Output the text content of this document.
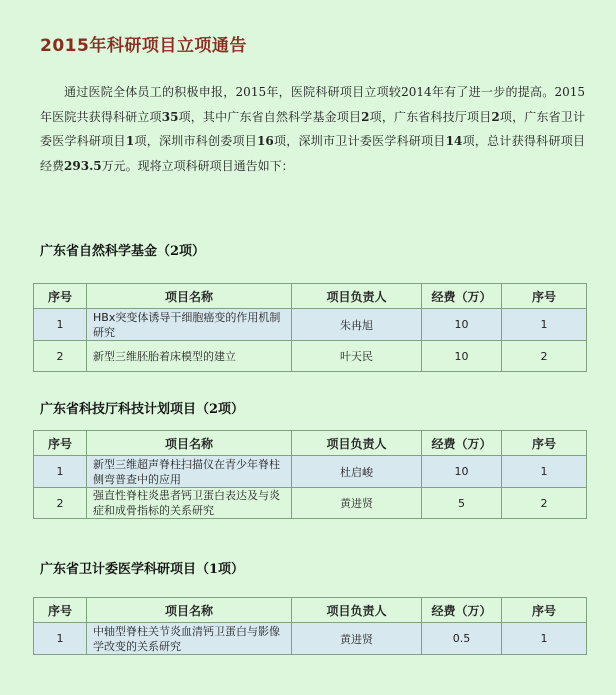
2015年科研项目立项通告

通过医院全体员工的积极申报，2015年，医院科研项目立项较2014年有了进一步的提高。2015年医院共获得科研立项35项，其中广东省自然科学基金项目2项，广东省科技厅项目2项，广东省卫计委医学科研项目1项，深圳市科创委项目16项，深圳市卫计委医学科研项目14项，总计获得科研项目经费293.5万元。现将立项科研项目通告如下：

广东省自然科学基金（2项）
序号	项目名称	项目负责人	经费（万）	序号
1	HBx突变体诱导干细胞癌变的作用机制研究	朱冉旭	10	1
2	新型三维胚胎着床模型的建立	叶天民	10	2
广东省科技厅科技计划项目（2项）
序号	项目名称	项目负责人	经费（万）	序号
1	新型三维超声脊柱扫描仪在青少年脊柱侧弯普查中的应用	杜启峻	10	1
2	强直性脊柱炎患者钙卫蛋白表达及与炎症和成骨指标的关系研究	黄进贤	5	2
广东省卫计委医学科研项目（1项）
序号	项目名称	项目负责人	经费（万）	序号
1	中轴型脊柱关节炎血清钙卫蛋白与影像学改变的关系研究	黄进贤	0.5	1
